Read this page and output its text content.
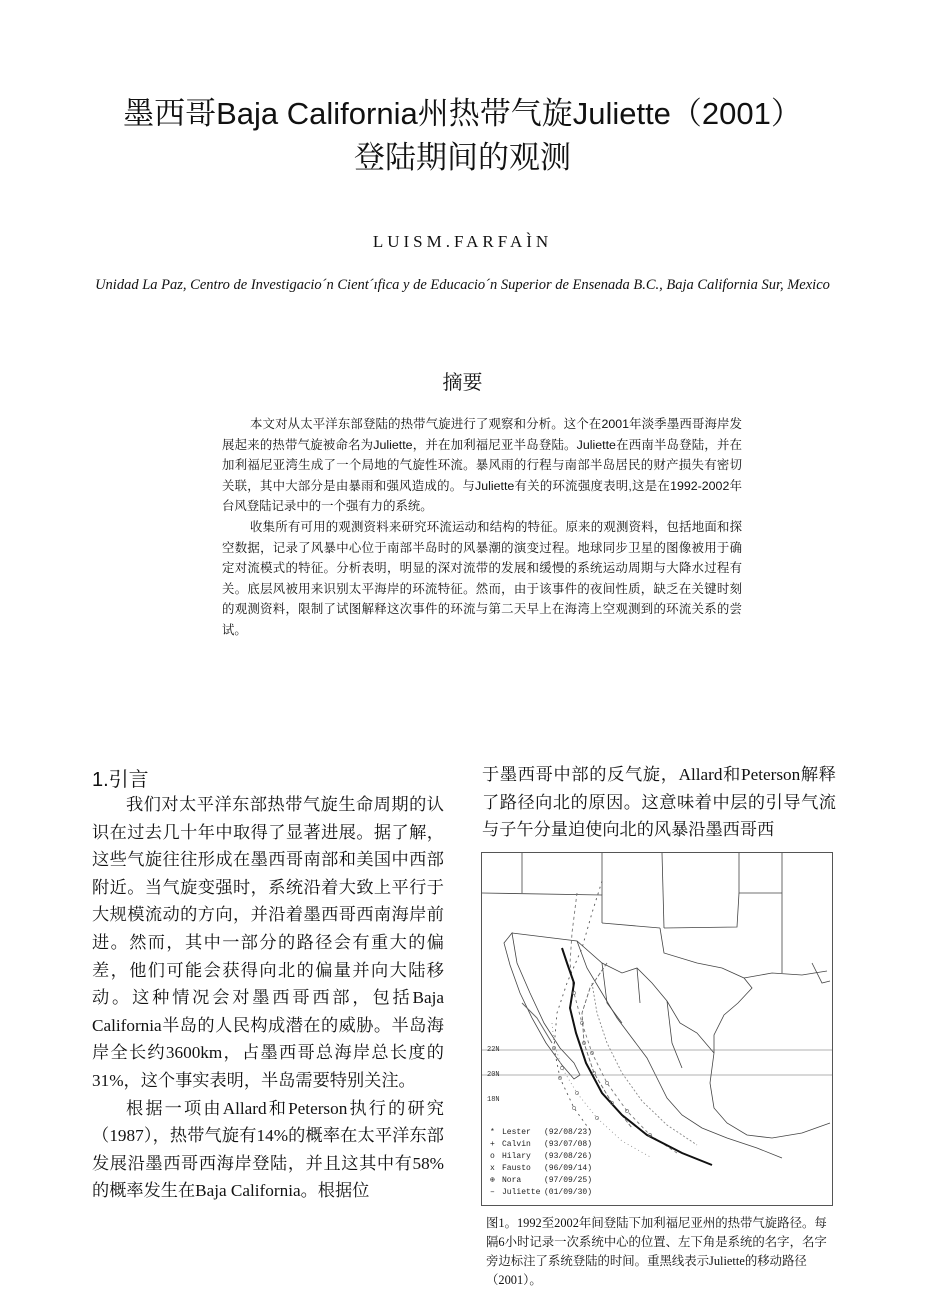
墨西哥Baja California州热带气旋Juliette（2001）
登陆期间的观测
LUISM.FARFAÌN
Unidad La Paz, Centro de Investigacio´n Cient´ıfica y de Educacio´n Superior de Ensenada B.C., Baja California Sur, Mexico
摘要

本文对从太平洋东部登陆的热带气旋进行了观察和分析。这个在2001年淡季墨西哥海岸发展起来的热带气旋被命名为Juliette，并在加利福尼亚半岛登陆。Juliette在西南半岛登陆，并在加利福尼亚湾生成了一个局地的气旋性环流。暴风雨的行程与南部半岛居民的财产损失有密切关联，其中大部分是由暴雨和强风造成的。与Juliette有关的环流强度表明,这是在1992-2002年台风登陆记录中的一个强有力的系统。

收集所有可用的观测资料来研究环流运动和结构的特征。原来的观测资料，包括地面和探空数据，记录了风暴中心位于南部半岛时的风暴潮的演变过程。地球同步卫星的图像被用于确定对流模式的特征。分析表明，明显的深对流带的发展和缓慢的系统运动周期与大降水过程有关。底层风被用来识别太平海岸的环流特征。然而，由于该事件的夜间性质，缺乏在关键时刻的观测资料，限制了试图解释这次事件的环流与第二天早上在海湾上空观测到的环流关系的尝试。

1.引言

我们对太平洋东部热带气旋生命周期的认识在过去几十年中取得了显著进展。据了解，这些气旋往往形成在墨西哥南部和美国中西部附近。当气旋变强时，系统沿着大致上平行于大规模流动的方向，并沿着墨西哥西南海岸前进。然而，其中一部分的路径会有重大的偏差，他们可能会获得向北的偏量并向大陆移动。这种情况会对墨西哥西部，包括Baja California半岛的人民构成潜在的威胁。半岛海岸全长约3600km，占墨西哥总海岸总长度的31%，这个事实表明，半岛需要特别关注。

根据一项由Allard和Peterson执行的研究（1987），热带气旋有14%的概率在太平洋东部发展沿墨西哥西海岸登陆，并且这其中有58%的概率发生在Baja California。根据位

于墨西哥中部的反气旋，Allard和Peterson解释了路径向北的原因。这意味着中层的引导气流与子午分量迫使向北的风暴沿墨西哥西

22N
20N
18N
* Lester (92/08/23)
+ Calvin (93/07/08)
o Hilary (93/08/26)
x Fausto (96/09/14)
⊕ Nora	(97/09/25)
– Juliette (01/09/30)
图1。1992至2002年间登陆下加利福尼亚州的热带气旋路径。每隔6小时记录一次系统中心的位置、左下角是系统的名字，名字旁边标注了系统登陆的时间。重黑线表示Juliette的移动路径（2001）。
